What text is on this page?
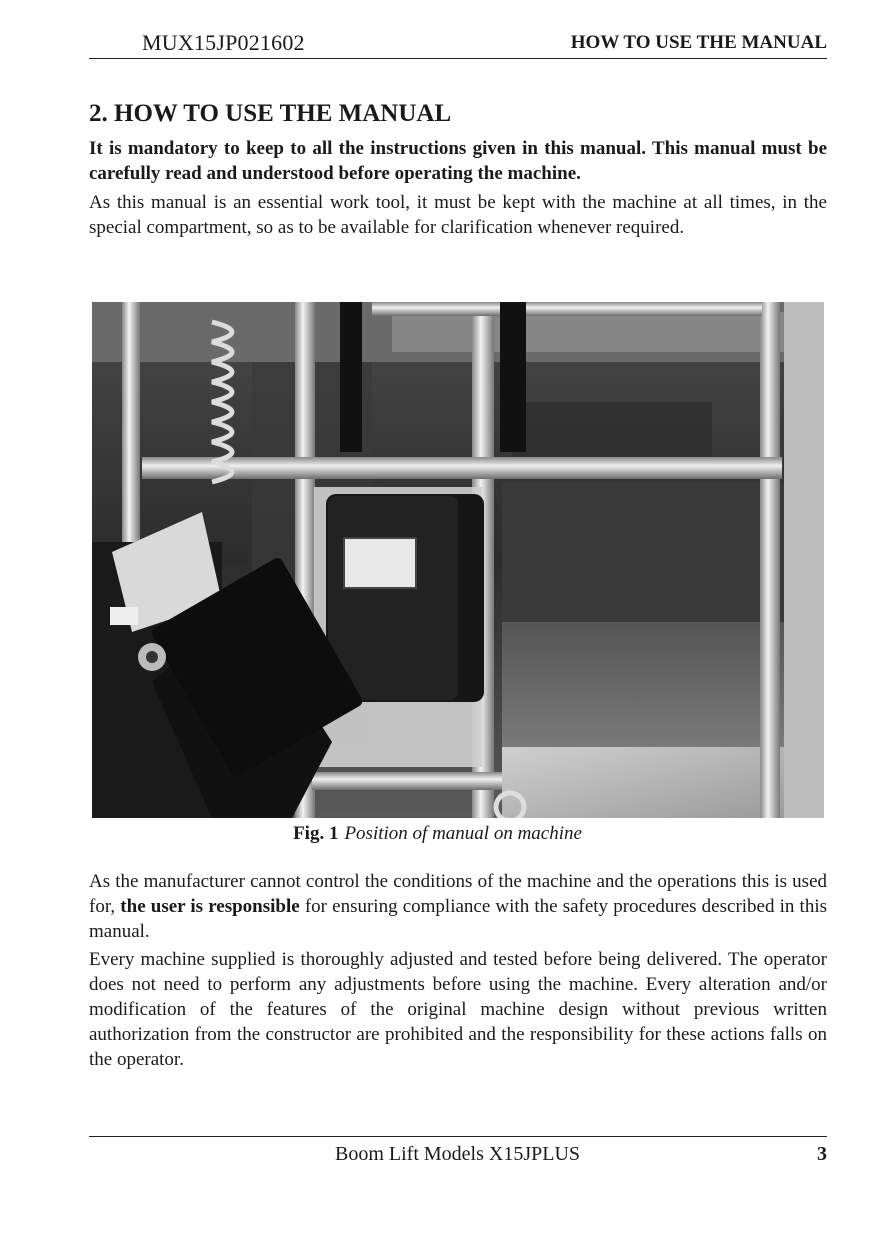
MUX15JP021602	HOW TO USE THE MANUAL
2. HOW TO USE THE MANUAL

It is mandatory to keep to all the instructions given in this manual. This manual must be carefully read and understood before operating the machine.

As this manual is an essential work tool, it must be kept with the machine at all times, in the special compartment, so as to be available for clarification whenever required.

Fig. 1 Position of manual on machine

As the manufacturer cannot control the conditions of the machine and the operations this is used for, the user is responsible for ensuring compliance with the safety procedures described in this manual.

Every machine supplied is thoroughly adjusted and tested before being delivered. The operator does not need to perform any adjustments before using the machine. Every alteration and/or modification of the features of the original machine design without previous written authorization from the constructor are prohibited and the responsibility for these actions falls on the operator.

Boom Lift Models X15JPLUS	3
